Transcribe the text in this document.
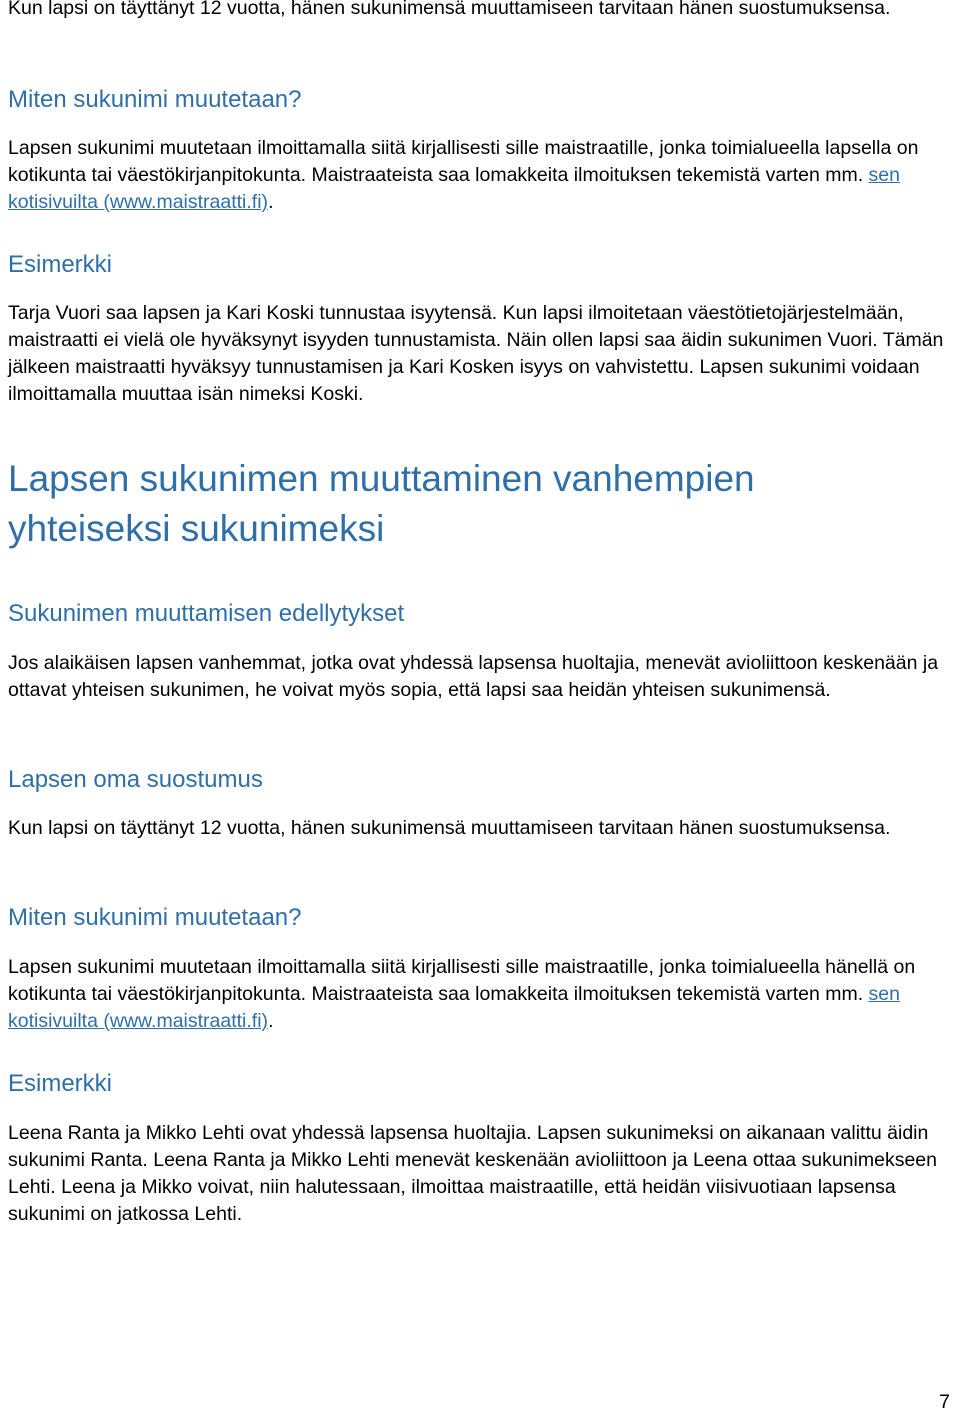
Kun lapsi on täyttänyt 12 vuotta, hänen sukunimensä muuttamiseen tarvitaan hänen suostumuksensa.

Miten sukunimi muutetaan?

Lapsen sukunimi muutetaan ilmoittamalla siitä kirjallisesti sille maistraatille, jonka toimialueella lapsella on kotikunta tai väestökirjanpitokunta. Maistraateista saa lomakkeita ilmoituksen tekemistä varten mm. sen kotisivuilta (www.maistraatti.fi).

Esimerkki

Tarja Vuori saa lapsen ja Kari Koski tunnustaa isyytensä. Kun lapsi ilmoitetaan väestötietojärjestelmään, maistraatti ei vielä ole hyväksynyt isyyden tunnustamista. Näin ollen lapsi saa äidin sukunimen Vuori. Tämän jälkeen maistraatti hyväksyy tunnustamisen ja Kari Kosken isyys on vahvistettu. Lapsen sukunimi voidaan ilmoittamalla muuttaa isän nimeksi Koski.

Lapsen sukunimen muuttaminen vanhempien
yhteiseksi sukunimeksi
Sukunimen muuttamisen edellytykset

Jos alaikäisen lapsen vanhemmat, jotka ovat yhdessä lapsensa huoltajia, menevät avioliittoon keskenään ja ottavat yhteisen sukunimen, he voivat myös sopia, että lapsi saa heidän yhteisen sukunimensä.

Lapsen oma suostumus

Kun lapsi on täyttänyt 12 vuotta, hänen sukunimensä muuttamiseen tarvitaan hänen suostumuksensa.

Miten sukunimi muutetaan?

Lapsen sukunimi muutetaan ilmoittamalla siitä kirjallisesti sille maistraatille, jonka toimialueella hänellä on kotikunta tai väestökirjanpitokunta. Maistraateista saa lomakkeita ilmoituksen tekemistä varten mm. sen kotisivuilta (www.maistraatti.fi).

Esimerkki

Leena Ranta ja Mikko Lehti ovat yhdessä lapsensa huoltajia. Lapsen sukunimeksi on aikanaan valittu äidin sukunimi Ranta. Leena Ranta ja Mikko Lehti menevät keskenään avioliittoon ja Leena ottaa sukunimekseen Lehti. Leena ja Mikko voivat, niin halutessaan, ilmoittaa maistraatille, että heidän viisivuotiaan lapsensa sukunimi on jatkossa Lehti.

7
